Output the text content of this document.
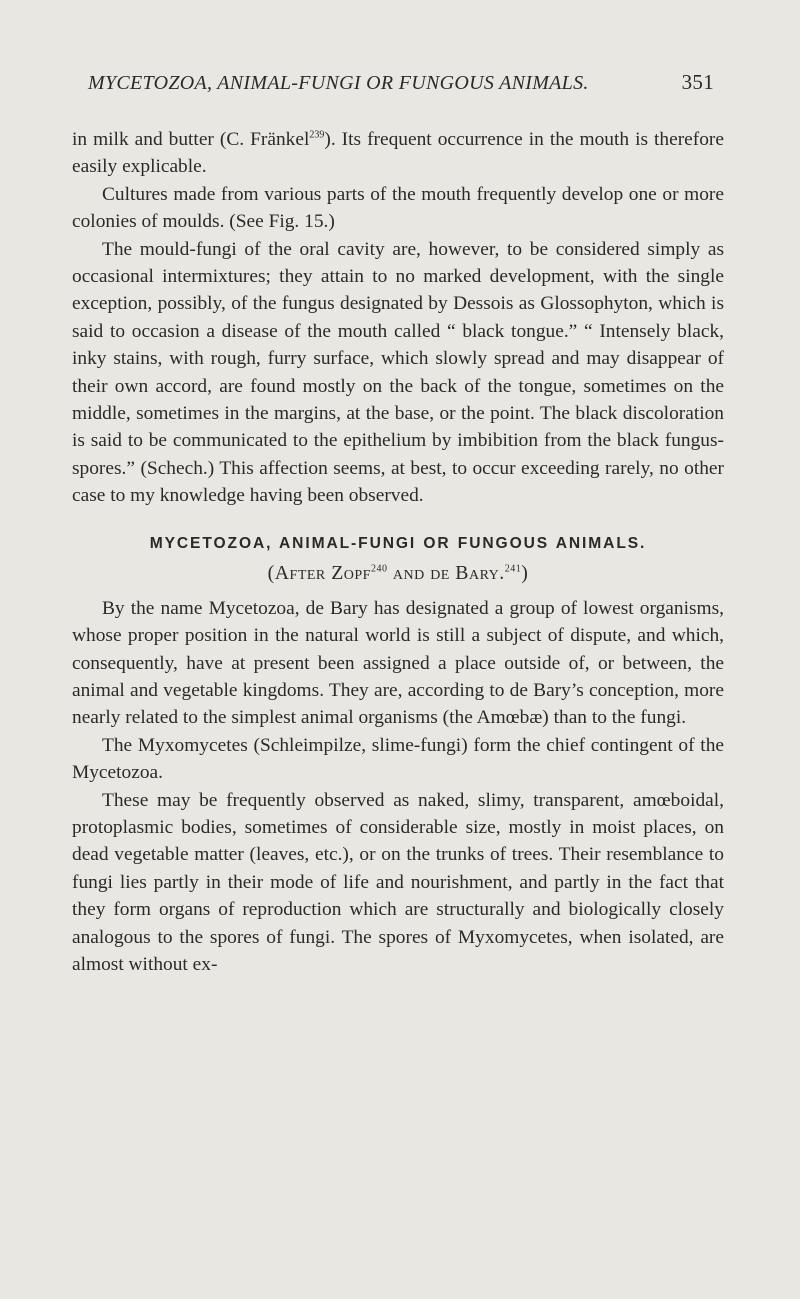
MYCETOZOA, ANIMAL-FUNGI OR FUNGOUS ANIMALS.	351

in milk and butter (C. Fränkel$^{239}$). Its frequent occurrence in the mouth is therefore easily explicable.

Cultures made from various parts of the mouth frequently develop one or more colonies of moulds. (See Fig. 15.)

The mould-fungi of the oral cavity are, however, to be considered simply as occasional intermixtures; they attain to no marked development, with the single exception, possibly, of the fungus designated by Dessois as Glossophyton, which is said to occasion a disease of the mouth called “ black tongue.” “ Intensely black, inky stains, with rough, furry surface, which slowly spread and may disappear of their own accord, are found mostly on the back of the tongue, sometimes on the middle, sometimes in the margins, at the base, or the point. The black discoloration is said to be communicated to the epithelium by imbibition from the black fungus-spores.” (Schech.) This affection seems, at best, to occur exceeding rarely, no other case to my knowledge having been observed.

MYCETOZOA, ANIMAL-FUNGI OR FUNGOUS ANIMALS.
(After Zopf$^{240}$ and de Bary.$^{241}$)

By the name Mycetozoa, de Bary has designated a group of lowest organisms, whose proper position in the natural world is still a subject of dispute, and which, consequently, have at present been assigned a place outside of, or between, the animal and vegetable kingdoms. They are, according to de Bary’s conception, more nearly related to the simplest animal organisms (the Amœbæ) than to the fungi.

The Myxomycetes (Schleimpilze, slime-fungi) form the chief contingent of the Mycetozoa.

These may be frequently observed as naked, slimy, transparent, amœboidal, protoplasmic bodies, sometimes of considerable size, mostly in moist places, on dead vegetable matter (leaves, etc.), or on the trunks of trees. Their resemblance to fungi lies partly in their mode of life and nourishment, and partly in the fact that they form organs of reproduction which are structurally and biologically closely analogous to the spores of fungi. The spores of Myxomycetes, when isolated, are almost without ex-
